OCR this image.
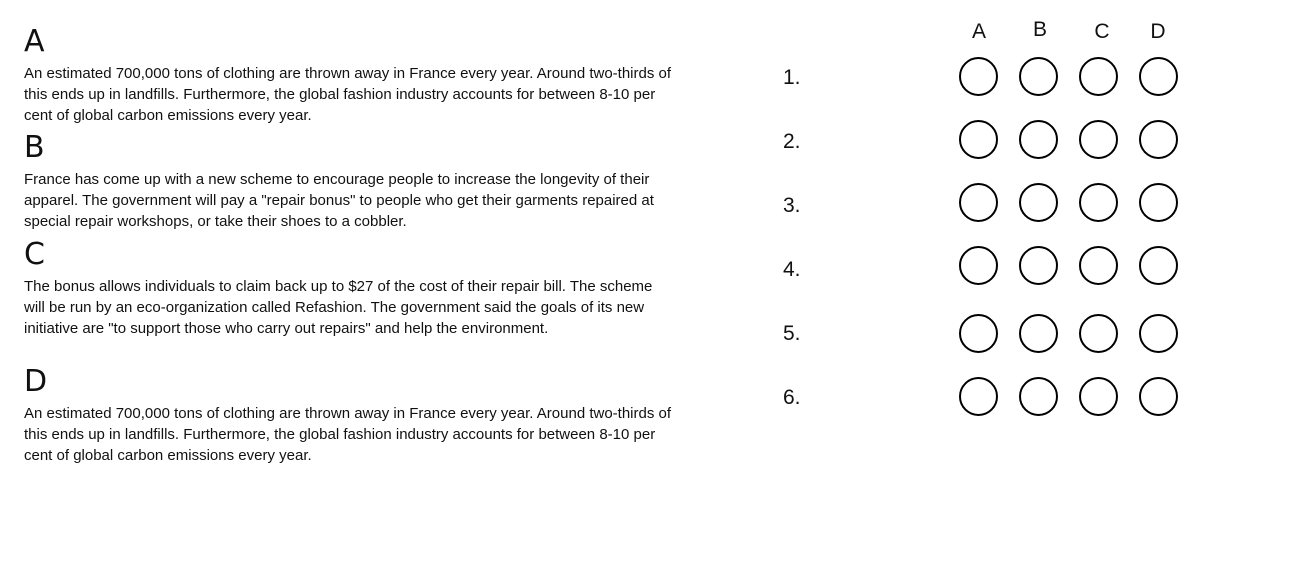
A

An estimated 700,000 tons of clothing are thrown away in France every year. Around two-thirds of this ends up in landfills. Furthermore, the global fashion industry accounts for between 8-10 per cent of global carbon emissions every year.

B

France has come up with a new scheme to encourage people to increase the longevity of their apparel. The government will pay a "repair bonus" to people who get their garments repaired at special repair workshops, or take their shoes to a cobbler.

C

The bonus allows individuals to claim back up to $27 of the cost of their repair bill. The scheme will be run by an eco-organization called Refashion. The government said the goals of its new initiative are "to support those who carry out repairs" and help the environment.

D

An estimated 700,000 tons of clothing are thrown away in France every year. Around two-thirds of this ends up in landfills. Furthermore, the global fashion industry accounts for between 8-10 per cent of global carbon emissions every year.

A B C D
1.
2.
3.
4.
5.
6.
